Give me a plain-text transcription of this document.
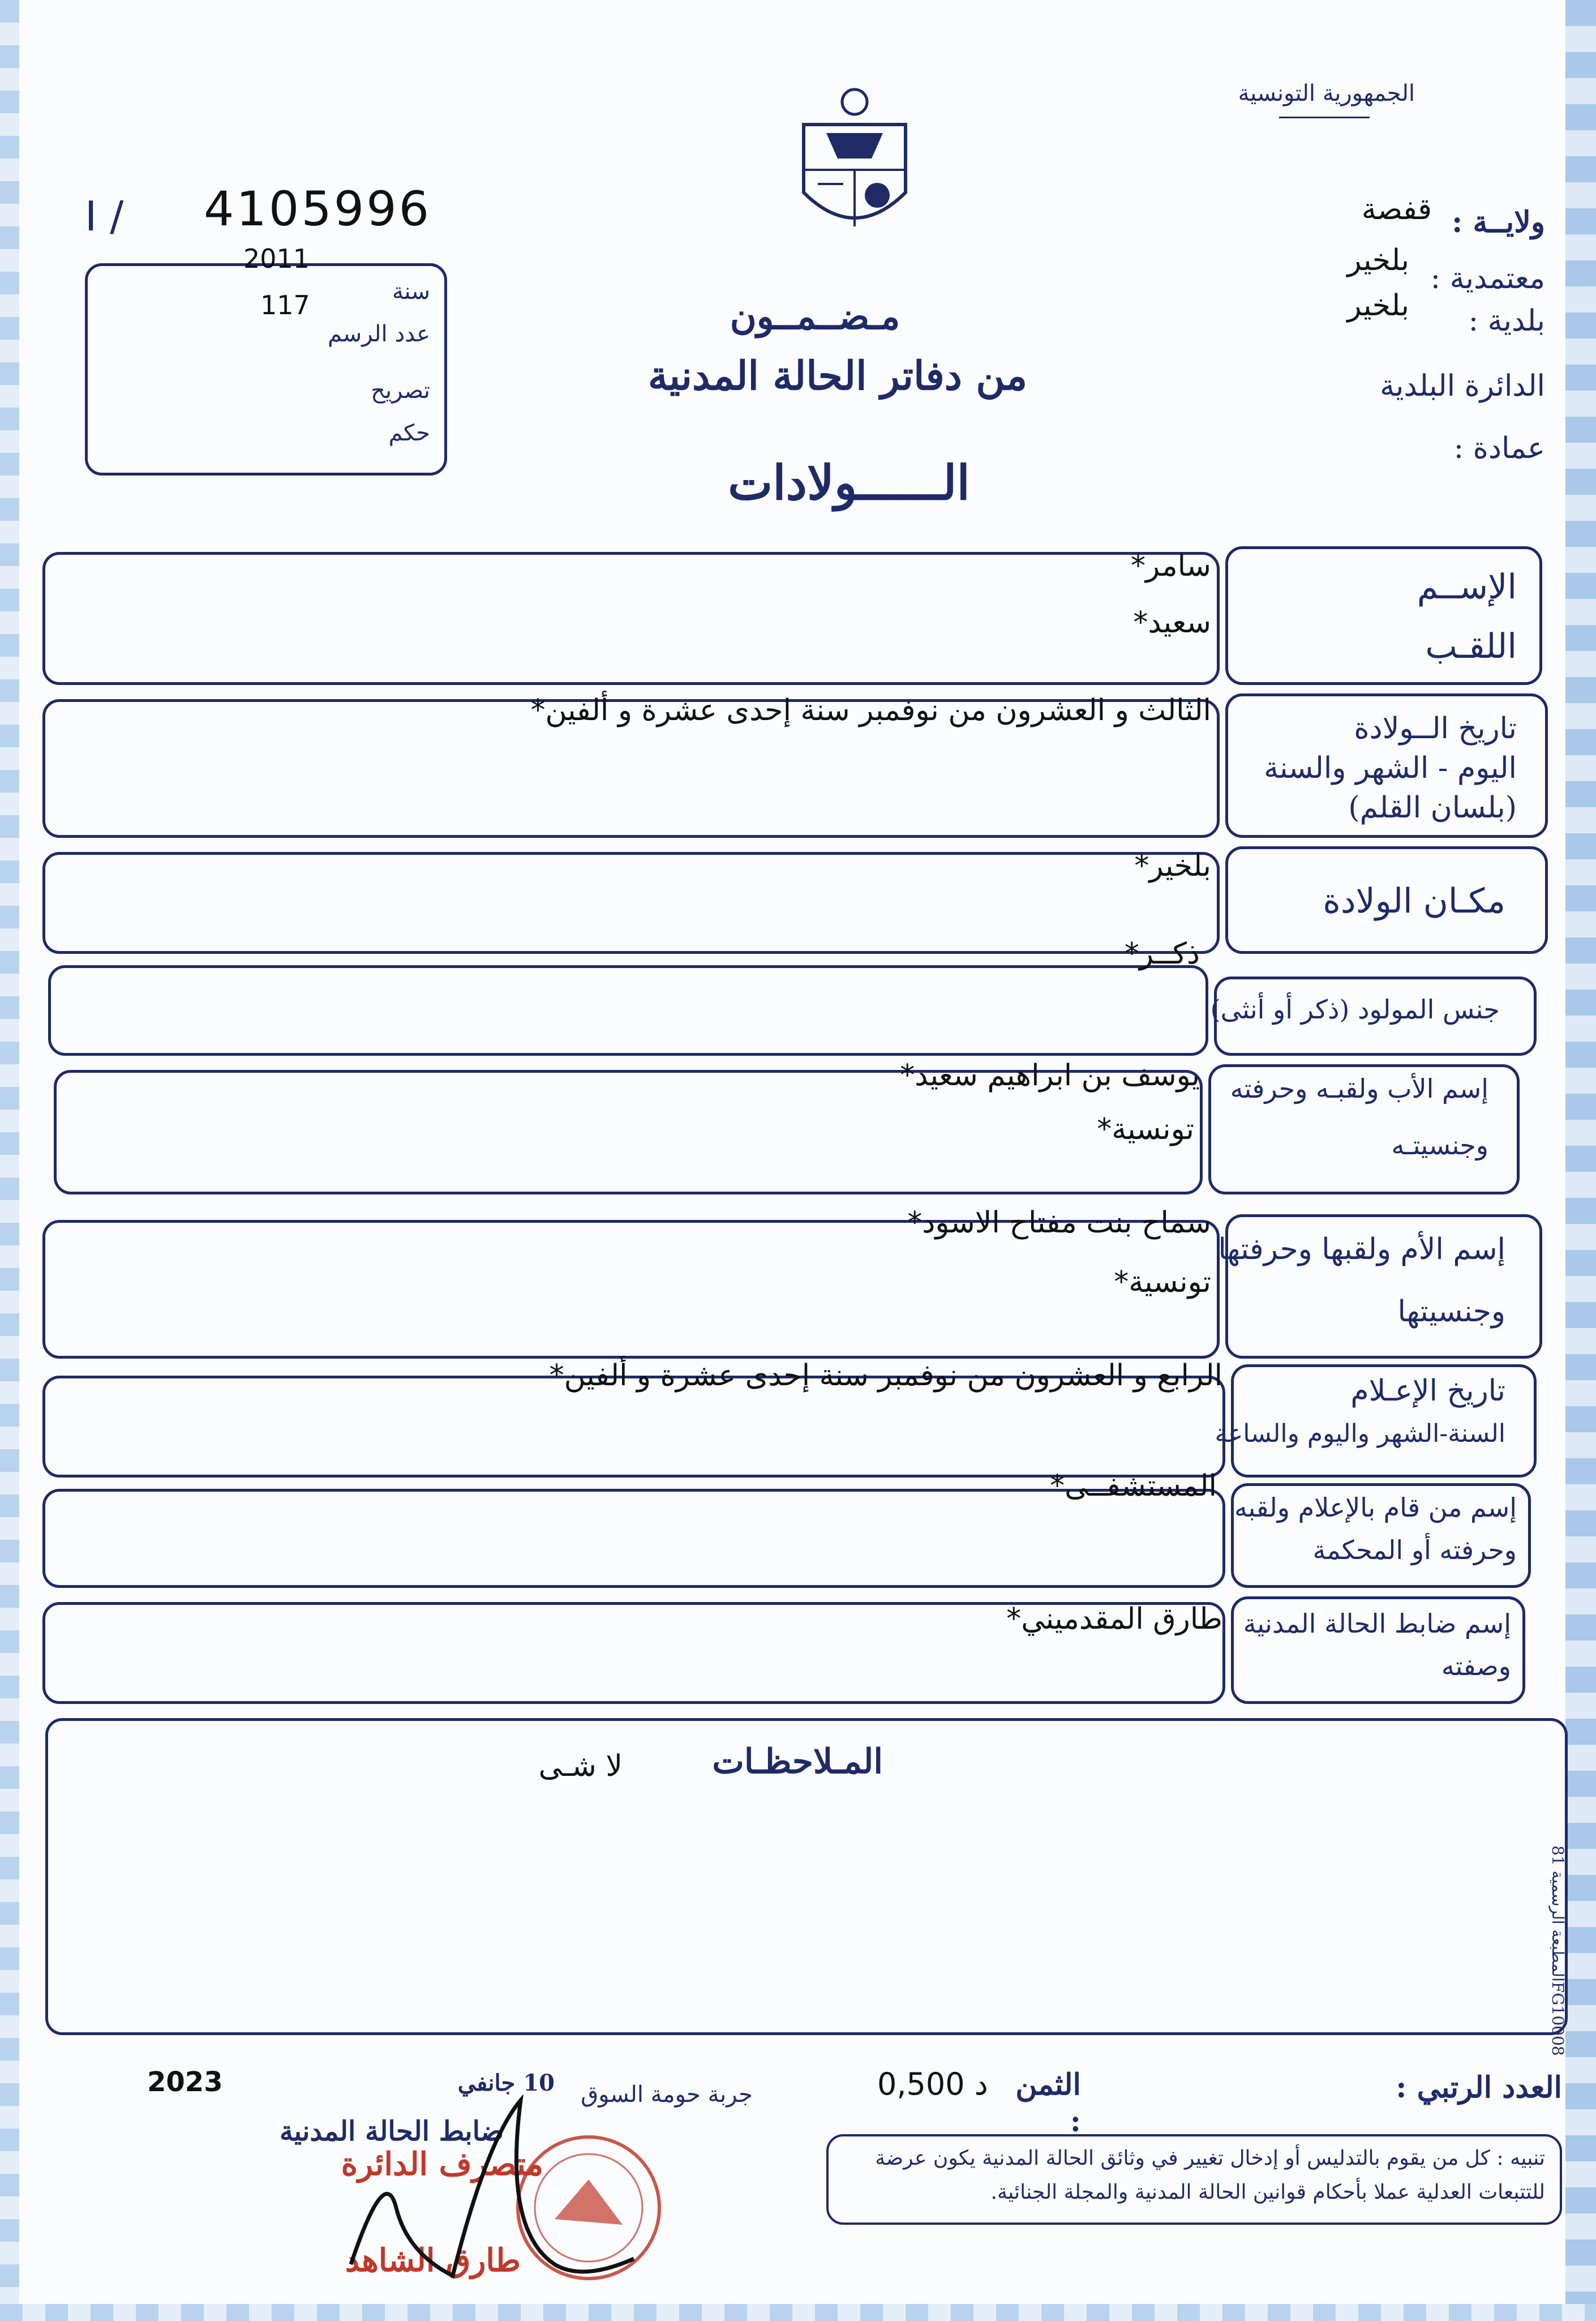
الجمهورية التونسية
ولايــة :
قفصة
معتمدية :
بلخير
بلدية :
بلخير
الدائرة البلدية
عمادة :
مـضــمــون
من دفاتر الحالة المدنية
الــــــولادات
I / 4105996
2011
سنة
117
عدد الرسم
تصريح
حكم
الإســم
اللقـب
سامر*
سعيد*
تاريخ الــولادة
اليوم - الشهر والسنة
(بلسان القلم)
الثالث و العشرون من نوفمبر سنة إحدى عشرة و ألفين*
مكـان الولادة
بلخير*
جنس المولود (ذكر أو أنثى)
ذكــر*
إسم الأب ولقبـه وحرفته
وجنسيتـه
يوسف بن ابراهيم سعيد*
تونسية*
إسم الأم ولقبها وحرفتها
وجنسيتها
سماح بنت مفتاح الاسود*
تونسية*
تاريخ الإعـلام
السنة-الشهر واليوم والساعة
الرابع و العشرون من نوفمبر سنة إحدى عشرة و ألفين*
إسم من قام بالإعلام ولقبه
وحرفته أو المحكمة
المستشفــى*
إسم ضابط الحالة المدنية
وصفته
طارق المقدميني*
المـلاحظـات
لا شـى
المطبعة الرسمية 81FG10008
العدد الرتبي :
الثمن :
0,500 د
جربة حومة السوق
10 جانفي
2023
ضابط الحالة المدنية
متصرف الدائرة
طارق الشاهد
تنبيه : كل من يقوم بالتدليس أو إدخال تغيير في وثائق الحالة المدنية يكون عرضة
للتتبعات العدلية عملا بأحكام قوانين الحالة المدنية والمجلة الجنائية.
